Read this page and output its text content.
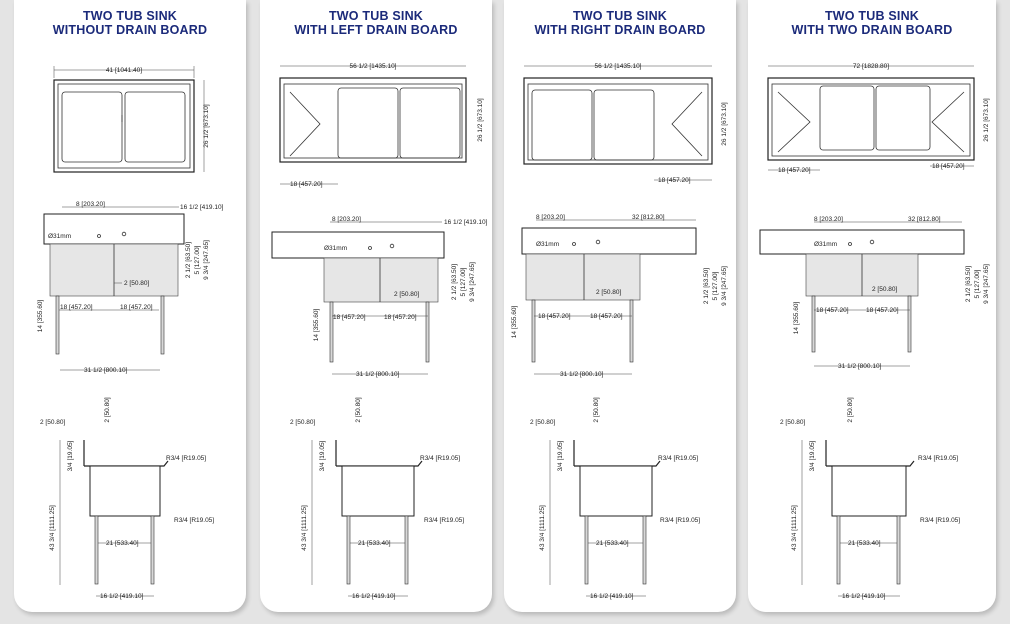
TWO TUB SINK
WITHOUT DRAIN BOARD
41 [1041.40]
26 1/2 [673.10]
8 [203.20]	16 1/2 [419.10]
Ø31mm
2 [50.80]
18 [457.20]	18 [457.20]
14 [355.60]
31 1/2 [800.10]
2 1/2 [63.50] 5 [127.00] 9 3/4 [247.65]
2 [50.80]	2 [50.80]
3/4 [19.05]
43 3/4 [1111.25]
R3/4 [R19.05]
R3/4 [R19.05]
21 [533.40]
16 1/2 [419.10]
TWO TUB SINK
WITH LEFT DRAIN BOARD
56 1/2 [1435.10]
18 [457.20]
26 1/2 [673.10]
8 [203.20]	16 1/2 [419.10]
Ø31mm
2 [50.80]
18 [457.20]	18 [457.20]
14 [355.60]
31 1/2 [800.10]
2 1/2 [63.50] 5 [127.00] 9 3/4 [247.65]
2 [50.80]	2 [50.80]
3/4 [19.05]
43 3/4 [1111.25]
R3/4 [R19.05]
R3/4 [R19.05]
21 [533.40]
16 1/2 [419.10]
TWO TUB SINK
WITH RIGHT DRAIN BOARD
56 1/2 [1435.10]
18 [457.20]
26 1/2 [673.10]
8 [203.20]	32 [812.80]
Ø31mm
2 [50.80]
18 [457.20]	18 [457.20]
14 [355.60]
31 1/2 [800.10]
2 1/2 [63.50] 5 [127.00] 9 3/4 [247.65]
2 [50.80]	2 [50.80]
3/4 [19.05]
43 3/4 [1111.25]
R3/4 [R19.05]
R3/4 [R19.05]
21 [533.40]
16 1/2 [419.10]
TWO TUB SINK
WITH TWO DRAIN BOARD
72 [1828.80]
18 [457.20]
18 [457.20]
26 1/2 [673.10]
8 [203.20]	32 [812.80]
Ø31mm
2 [50.80]
18 [457.20]	18 [457.20]
14 [355.60]
31 1/2 [800.10]
2 1/2 [63.50] 5 [127.00] 9 3/4 [247.65]
2 [50.80]	2 [50.80]
3/4 [19.05]
43 3/4 [1111.25]
R3/4 [R19.05]
R3/4 [R19.05]
21 [533.40]
16 1/2 [419.10]
